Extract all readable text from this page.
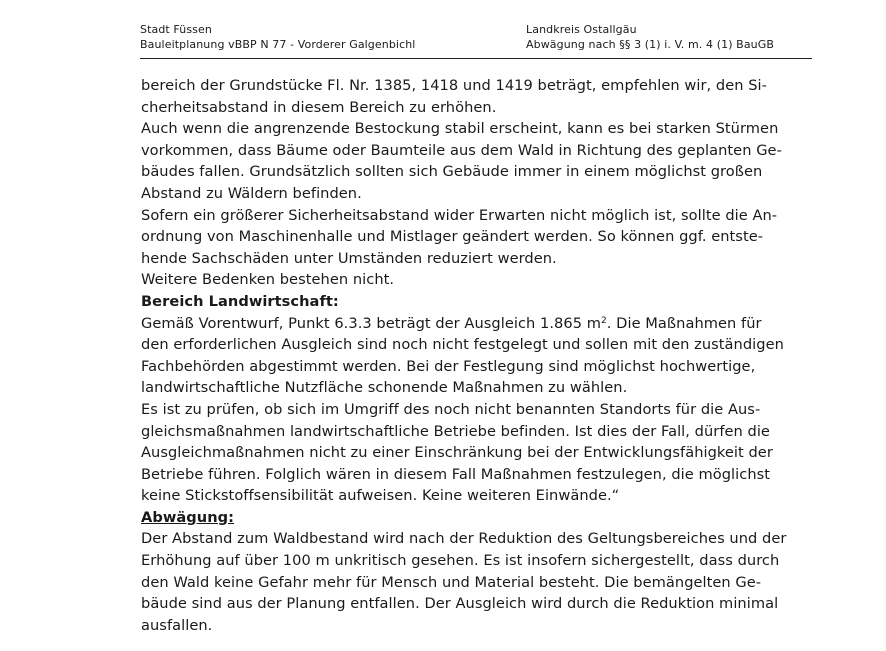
Stadt Füssen
Bauleitplanung vBBP N 77 - Vorderer Galgenbichl
Landkreis Ostallgäu
Abwägung nach §§ 3 (1) i. V. m. 4 (1) BauGB
bereich der Grundstücke Fl. Nr. 1385, 1418 und 1419 beträgt, empfehlen wir, den Si-
cherheitsabstand in diesem Bereich zu erhöhen.
Auch wenn die angrenzende Bestockung stabil erscheint, kann es bei starken Stürmen
vorkommen, dass Bäume oder Baumteile aus dem Wald in Richtung des geplanten Ge-
bäudes fallen. Grundsätzlich sollten sich Gebäude immer in einem möglichst großen
Abstand zu Wäldern befinden.
Sofern ein größerer Sicherheitsabstand wider Erwarten nicht möglich ist, sollte die An-
ordnung von Maschinenhalle und Mistlager geändert werden. So können ggf. entste-
hende Sachschäden unter Umständen reduziert werden.
Weitere Bedenken bestehen nicht.
Bereich Landwirtschaft:
Gemäß Vorentwurf, Punkt 6.3.3 beträgt der Ausgleich 1.865 $m^2$. Die Maßnahmen für
den erforderlichen Ausgleich sind noch nicht festgelegt und sollen mit den zuständigen
Fachbehörden abgestimmt werden. Bei der Festlegung sind möglichst hochwertige,
landwirtschaftliche Nutzfläche schonende Maßnahmen zu wählen.
Es ist zu prüfen, ob sich im Umgriff des noch nicht benannten Standorts für die Aus-
gleichsmaßnahmen landwirtschaftliche Betriebe befinden. Ist dies der Fall, dürfen die
Ausgleichmaßnahmen nicht zu einer Einschränkung bei der Entwicklungsfähigkeit der
Betriebe führen. Folglich wären in diesem Fall Maßnahmen festzulegen, die möglichst
keine Stickstoffsensibilität aufweisen. Keine weiteren Einwände.“
Abwägung:
Der Abstand zum Waldbestand wird nach der Reduktion des Geltungsbereiches und der
Erhöhung auf über 100 m unkritisch gesehen. Es ist insofern sichergestellt, dass durch
den Wald keine Gefahr mehr für Mensch und Material besteht. Die bemängelten Ge-
bäude sind aus der Planung entfallen. Der Ausgleich wird durch die Reduktion minimal
ausfallen.
